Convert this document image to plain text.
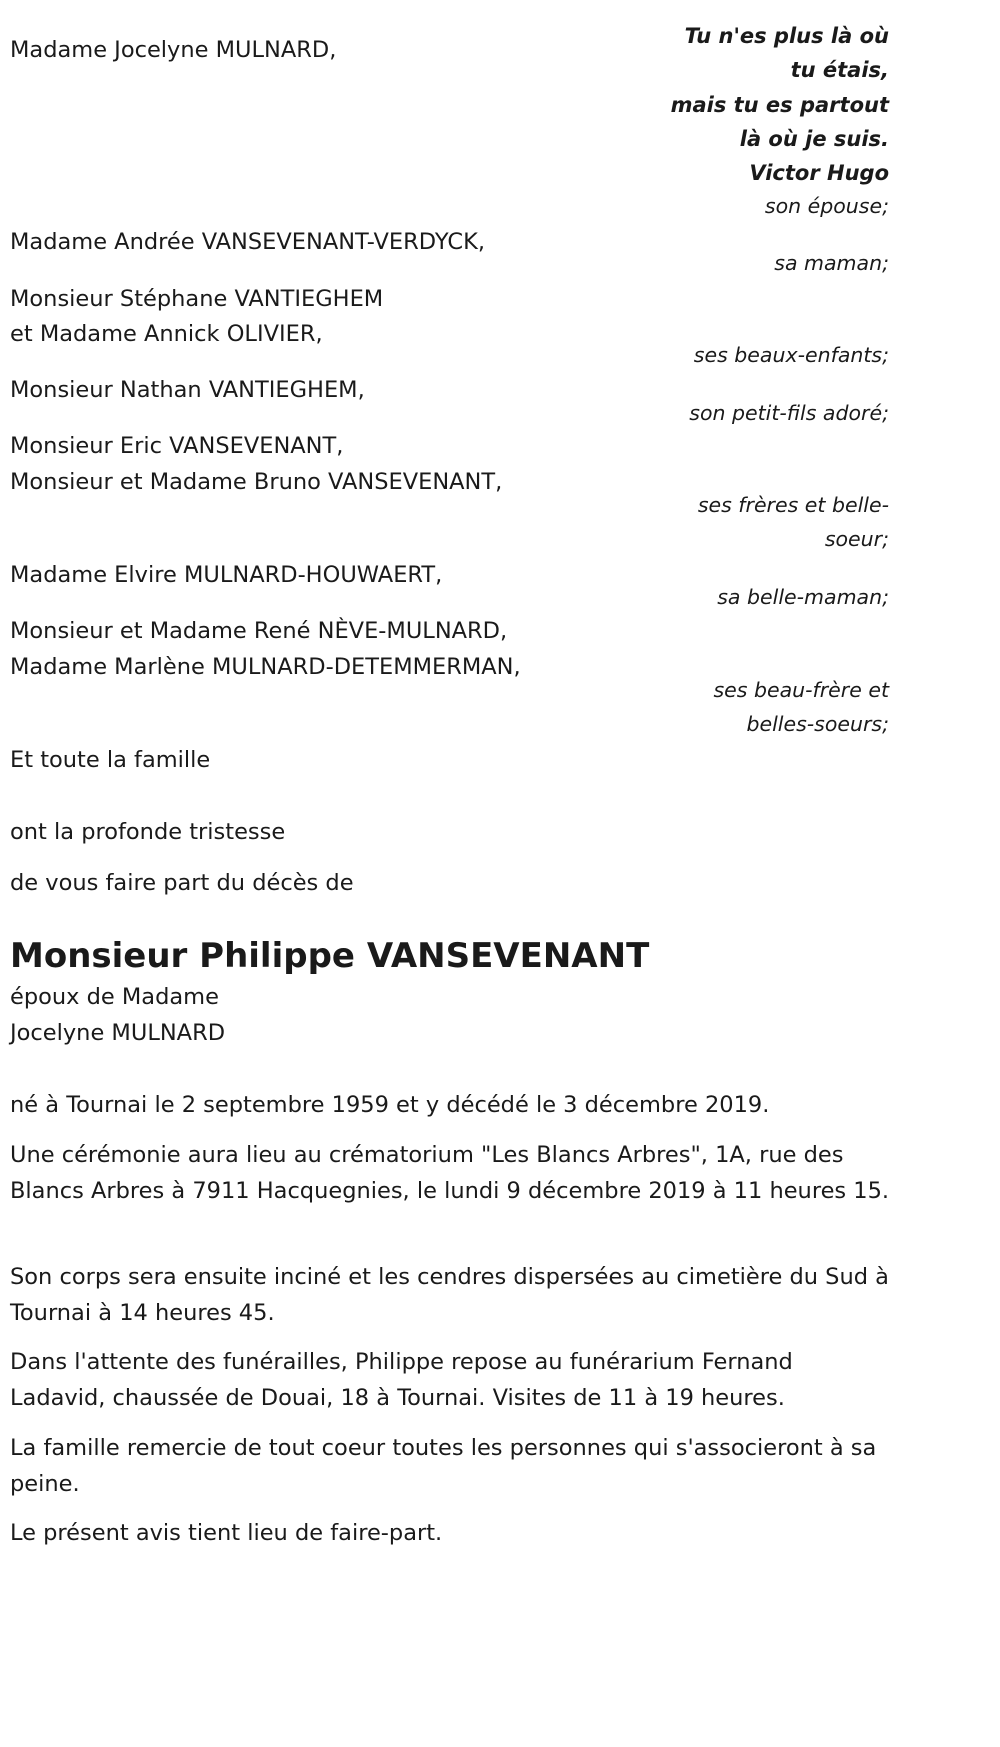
Tu n'es plus là où
tu étais,
mais tu es partout
là où je suis.
Victor Hugo
Madame Jocelyne MULNARD,
Madame Andrée VANSEVENANT-VERDYCK,
Monsieur Stéphane VANTIEGHEM
et Madame Annick OLIVIER,
Monsieur Nathan VANTIEGHEM,
Monsieur Eric VANSEVENANT,
Monsieur et Madame Bruno VANSEVENANT,
Madame Elvire MULNARD-HOUWAERT,
Monsieur et Madame René NÈVE-MULNARD,
Madame Marlène MULNARD-DETEMMERMAN,
son épouse;
sa maman;
ses beaux-enfants;
son petit-fils adoré;
ses frères et belle-
soeur;
sa belle-maman;
ses beau-frère et
belles-soeurs;
Et toute la famille
ont la profonde tristesse
de vous faire part du décès de
Monsieur Philippe VANSEVENANT
époux de Madame
Jocelyne MULNARD
né à Tournai le 2 septembre 1959 et y décédé le 3 décembre 2019.
Une cérémonie aura lieu au crématorium "Les Blancs Arbres", 1A, rue des Blancs Arbres à 7911 Hacquegnies, le lundi 9 décembre 2019 à 11 heures 15.
Son corps sera ensuite inciné et les cendres dispersées au cimetière du Sud à Tournai à 14 heures 45.
Dans l'attente des funérailles, Philippe repose au funérarium Fernand Ladavid, chaussée de Douai, 18 à Tournai. Visites de 11 à 19 heures.
La famille remercie de tout coeur toutes les personnes qui s'associeront à sa peine.
Le présent avis tient lieu de faire-part.
